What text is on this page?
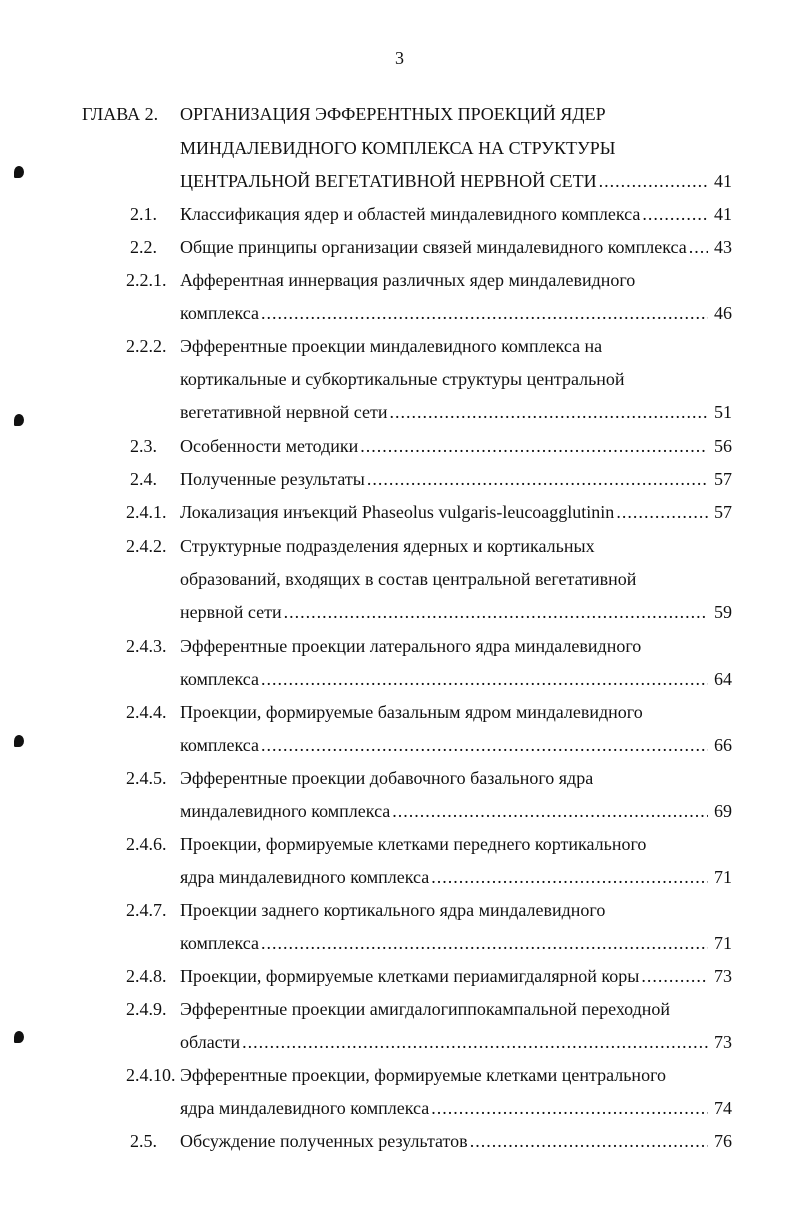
3
ГЛАВА 2. ОРГАНИЗАЦИЯ ЭФФЕРЕНТНЫХ ПРОЕКЦИЙ ЯДЕР
МИНДАЛЕВИДНОГО КОМПЛЕКСА НА СТРУКТУРЫ
ЦЕНТРАЛЬНОЙ ВЕГЕТАТИВНОЙ НЕРВНОЙ СЕТИ .....	41
2.1. Классификация ядер и областей миндалевидного комплекса .....	41
2.2. Общие принципы организации связей миндалевидного комплекса ..... 43
2.2.1. Афферентная иннервация различных ядер миндалевидного
комплекса .....	46
2.2.2. Эфферентные проекции миндалевидного комплекса на
кортикальные и субкортикальные структуры центральной
вегетативной нервной сети .....	51
2.3. Особенности методики .....	56
2.4. Полученные результаты .....	57
2.4.1. Локализация инъекций Phaseolus vulgaris-leucoagglutinin .....	57
2.4.2. Структурные подразделения ядерных и кортикальных
образований, входящих в состав центральной вегетативной
нервной сети .....	59
2.4.3. Эфферентные проекции латерального ядра миндалевидного
комплекса .....	64
2.4.4. Проекции, формируемые базальным ядром миндалевидного
комплекса .....	66
2.4.5. Эфферентные проекции добавочного базального ядра
миндалевидного комплекса .....	69
2.4.6. Проекции, формируемые клетками переднего кортикального
ядра миндалевидного комплекса .....	71
2.4.7. Проекции заднего кортикального ядра миндалевидного
комплекса .....	71
2.4.8. Проекции, формируемые клетками периамигдалярной коры .....	73
2.4.9. Эфферентные проекции амигдалогиппокампальной переходной
области .....	73
2.4.10. Эфферентные проекции, формируемые клетками центрального
ядра миндалевидного комплекса .....	74
2.5. Обсуждение полученных результатов .....	76
